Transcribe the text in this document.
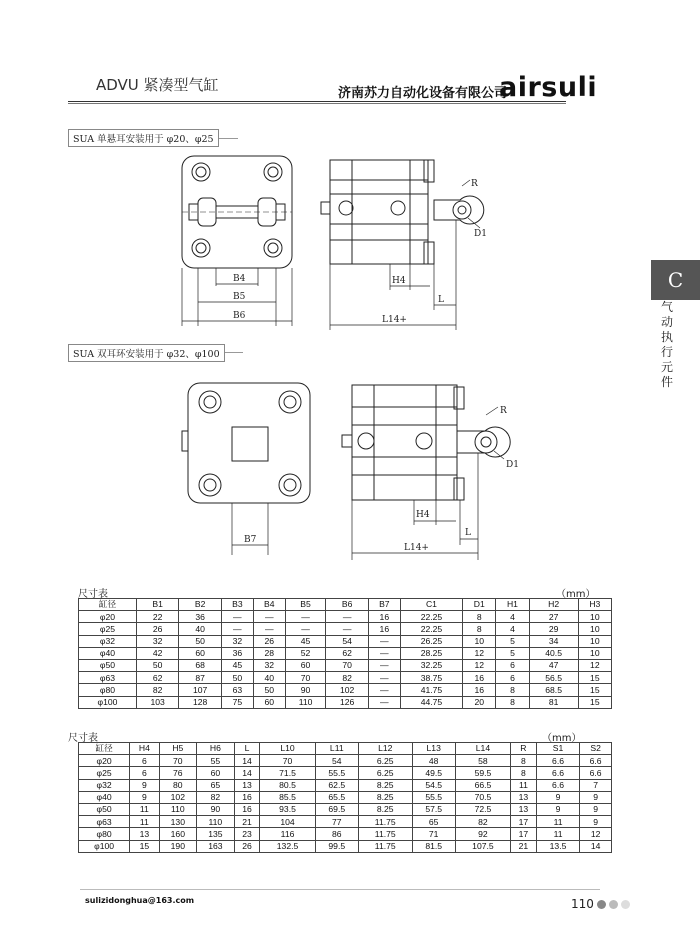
ADVU 紧凑型气缸	济南苏力自动化设备有限公司
airsuli
C
气动执行元件
SUA 单悬耳安装用于 φ20、φ25
B4
B5
B6
H4
L
L14+
R
D1
SUA 双耳环安装用于 φ32、φ100
B7
H4
L
L14+
R
D1
尺寸表	（mm）
缸径	B1	B2	B3	B4	B5	B6	B7	C1	D1	H1	H2	H3
φ20	22	36	—	—	—	—	16	22.25	8	4	27	10
φ25	26	40	—	—	—	—	16	22.25	8	4	29	10
φ32	32	50	32	26	45	54	—	26.25	10	5	34	10
φ40	42	60	36	28	52	62	—	28.25	12	5	40.5	10
φ50	50	68	45	32	60	70	—	32.25	12	6	47	12
φ63	62	87	50	40	70	82	—	38.75	16	6	56.5	15
φ80	82	107	63	50	90	102	—	41.75	16	8	68.5	15
φ100	103	128	75	60	110	126	—	44.75	20	8	81	15
尺寸表	（mm）
缸径	H4	H5	H6	L	L10	L11	L12	L13	L14	R	S1	S2
φ20	6	70	55	14	70	54	6.25	48	58	8	6.6	6.6
φ25	6	76	60	14	71.5	55.5	6.25	49.5	59.5	8	6.6	6.6
φ32	9	80	65	13	80.5	62.5	8.25	54.5	66.5	11	6.6	7
φ40	9	102	82	16	85.5	65.5	8.25	55.5	70.5	13	9	9
φ50	11	110	90	16	93.5	69.5	8.25	57.5	72.5	13	9	9
φ63	11	130	110	21	104	77	11.75	65	82	17	11	9
φ80	13	160	135	23	116	86	11.75	71	92	17	11	12
φ100	15	190	163	26	132.5	99.5	11.75	81.5	107.5	21	13.5	14
sulizidonghua@163.com	110
